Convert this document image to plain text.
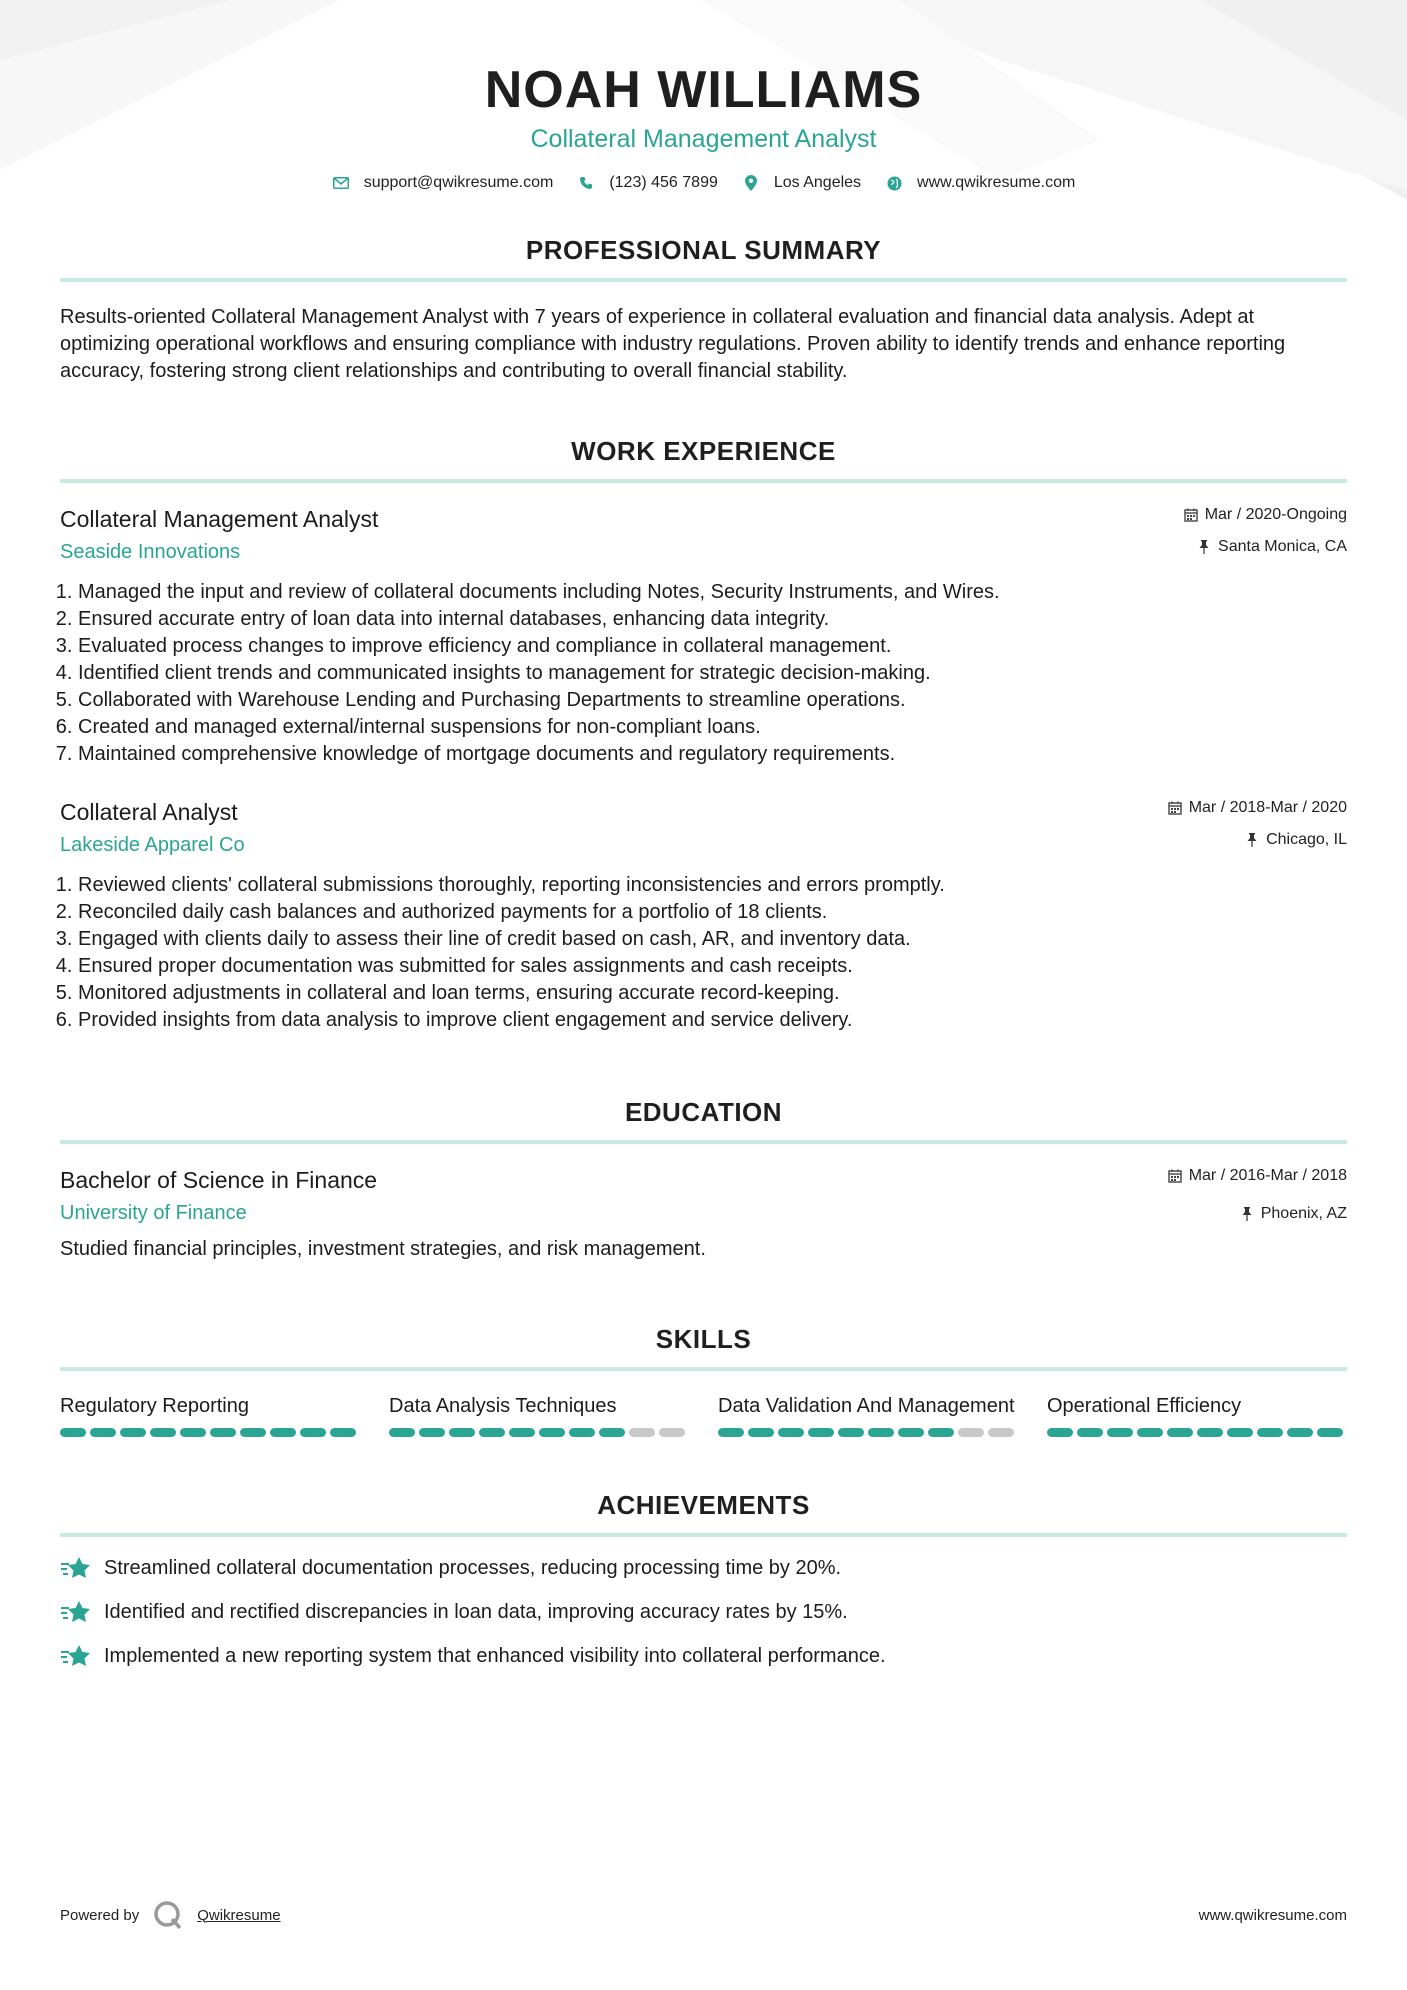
NOAH WILLIAMS
Collateral Management Analyst
support@qwikresume.com	(123) 456 7899	Los Angeles	www.qwikresume.com
PROFESSIONAL SUMMARY
Results-oriented Collateral Management Analyst with 7 years of experience in collateral evaluation and financial data analysis. Adept at optimizing operational workflows and ensuring compliance with industry regulations. Proven ability to identify trends and enhance reporting accuracy, fostering strong client relationships and contributing to overall financial stability.
WORK EXPERIENCE
Collateral Management Analyst
Seaside Innovations
Mar / 2020-Ongoing
Santa Monica, CA
1. Managed the input and review of collateral documents including Notes, Security Instruments, and Wires.
2. Ensured accurate entry of loan data into internal databases, enhancing data integrity.
3. Evaluated process changes to improve efficiency and compliance in collateral management.
4. Identified client trends and communicated insights to management for strategic decision-making.
5. Collaborated with Warehouse Lending and Purchasing Departments to streamline operations.
6. Created and managed external/internal suspensions for non-compliant loans.
7. Maintained comprehensive knowledge of mortgage documents and regulatory requirements.
Collateral Analyst
Lakeside Apparel Co
Mar / 2018-Mar / 2020
Chicago, IL
1. Reviewed clients' collateral submissions thoroughly, reporting inconsistencies and errors promptly.
2. Reconciled daily cash balances and authorized payments for a portfolio of 18 clients.
3. Engaged with clients daily to assess their line of credit based on cash, AR, and inventory data.
4. Ensured proper documentation was submitted for sales assignments and cash receipts.
5. Monitored adjustments in collateral and loan terms, ensuring accurate record-keeping.
6. Provided insights from data analysis to improve client engagement and service delivery.
EDUCATION
Bachelor of Science in Finance
University of Finance
Mar / 2016-Mar / 2018
Phoenix, AZ
Studied financial principles, investment strategies, and risk management.
SKILLS
Regulatory Reporting	Data Analysis Techniques	Data Validation And Management Operational Efficiency
ACHIEVEMENTS
Streamlined collateral documentation processes, reducing processing time by 20%.
Identified and rectified discrepancies in loan data, improving accuracy rates by 15%.
Implemented a new reporting system that enhanced visibility into collateral performance.
Powered by	Qwikresume	www.qwikresume.com
